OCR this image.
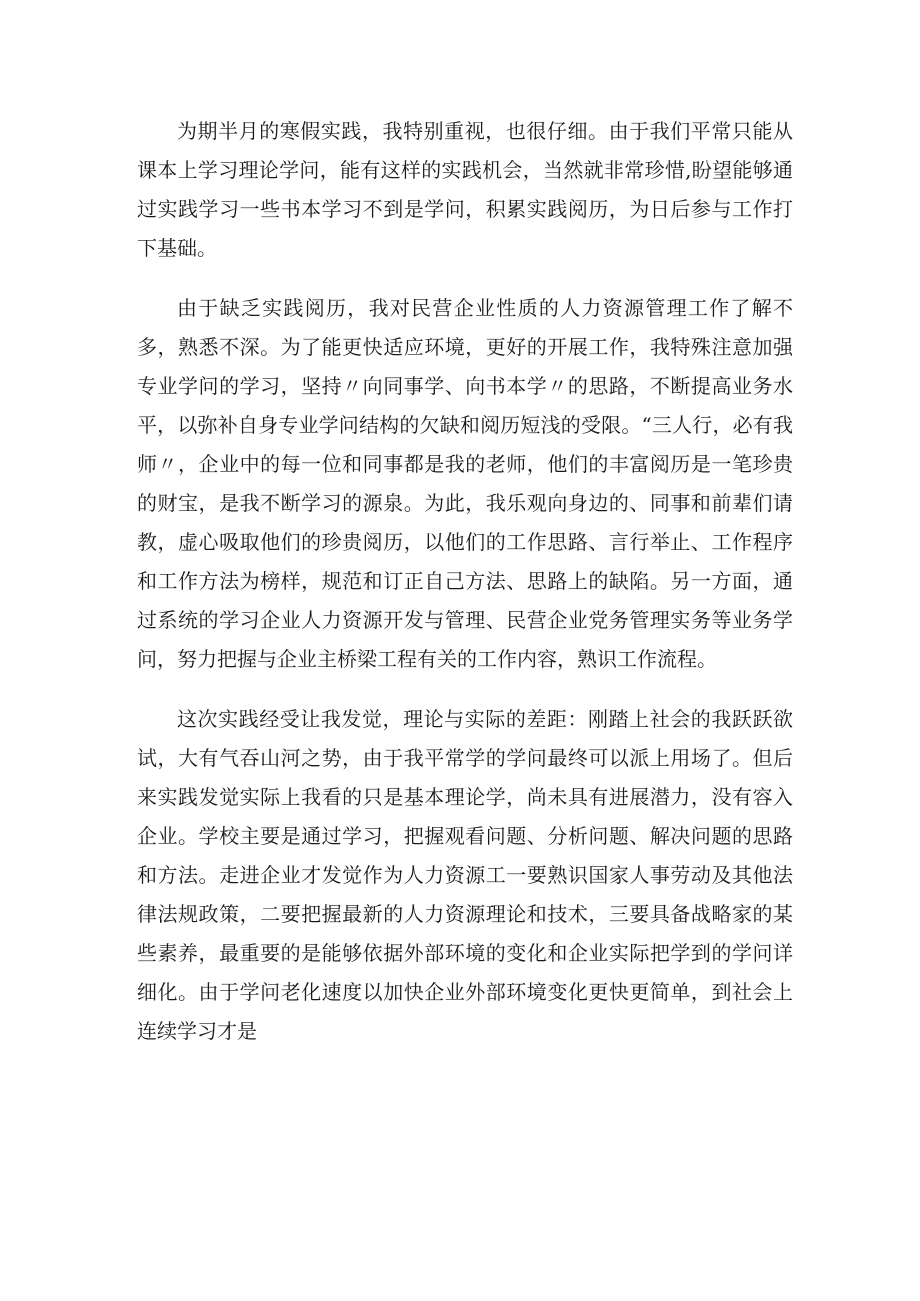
为期半月的寒假实践，我特别重视，也很仔细。由于我们平常只能从课本上学习理论学问，能有这样的实践机会，当然就非常珍惜,盼望能够通过实践学习一些书本学习不到是学问，积累实践阅历，为日后参与工作打下基础。

由于缺乏实践阅历，我对民营企业性质的人力资源管理工作了解不多，熟悉不深。为了能更快适应环境，更好的开展工作，我特殊注意加强专业学问的学习，坚持〃向同事学、向书本学〃的思路，不断提高业务水平，以弥补自身专业学问结构的欠缺和阅历短浅的受限。“三人行，必有我师〃，企业中的每一位和同事都是我的老师，他们的丰富阅历是一笔珍贵的财宝，是我不断学习的源泉。为此，我乐观向身边的、同事和前辈们请教，虚心吸取他们的珍贵阅历，以他们的工作思路、言行举止、工作程序和工作方法为榜样，规范和订正自己方法、思路上的缺陷。另一方面，通过系统的学习企业人力资源开发与管理、民营企业党务管理实务等业务学问，努力把握与企业主桥梁工程有关的工作内容，熟识工作流程。

这次实践经受让我发觉，理论与实际的差距：刚踏上社会的我跃跃欲试，大有气吞山河之势，由于我平常学的学问最终可以派上用场了。但后来实践发觉实际上我看的只是基本理论学，尚未具有进展潜力，没有容入企业。学校主要是通过学习，把握观看问题、分析问题、解决问题的思路和方法。走进企业才发觉作为人力资源工一要熟识国家人事劳动及其他法律法规政策，二要把握最新的人力资源理论和技术，三要具备战略家的某些素养，最重要的是能够依据外部环境的变化和企业实际把学到的学问详细化。由于学问老化速度以加快企业外部环境变化更快更简单，到社会上连续学习才是
